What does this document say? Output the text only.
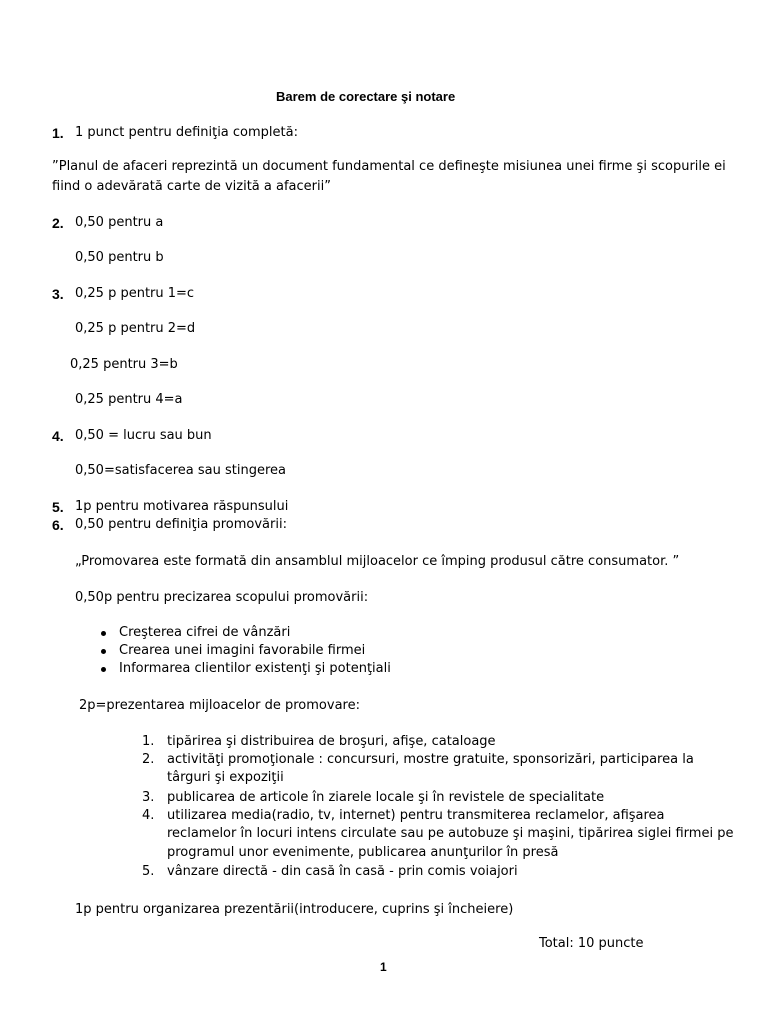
Barem de corectare şi notare
1. 1 punct pentru definiţia completă:
”Planul de afaceri reprezintă un document fundamental ce defineşte misiunea unei firme şi scopurile ei
fiind o adevărată carte de vizită a afacerii”
2. 0,50 pentru a
0,50 pentru b
3. 0,25 p pentru 1=c
0,25 p pentru 2=d
0,25 pentru 3=b
0,25 pentru 4=a
4. 0,50 = lucru sau bun
0,50=satisfacerea sau stingerea
5. 1p pentru motivarea răspunsului
6. 0,50 pentru definiţia promovării:
„Promovarea este formată din ansamblul mijloacelor ce împing produsul către consumator. ”
0,50p pentru precizarea scopului promovării:
Creşterea cifrei de vânzări
Crearea unei imagini favorabile firmei
Informarea clientilor existenţi şi potenţiali
2p=prezentarea mijloacelor de promovare:
1. tipărirea şi distribuirea de broşuri, afişe, cataloage
2. activităţi promoţionale : concursuri, mostre gratuite, sponsorizări, participarea la
târguri şi expoziţii
3. publicarea de articole în ziarele locale şi în revistele de specialitate
4. utilizarea media(radio, tv, internet) pentru transmiterea reclamelor, afişarea
reclamelor în locuri intens circulate sau pe autobuze şi maşini, tipărirea siglei firmei pe
programul unor evenimente, publicarea anunţurilor în presă
5. vânzare directă - din casă în casă - prin comis voiajori
1p pentru organizarea prezentării(introducere, cuprins şi încheiere)
Total: 10 puncte
1
